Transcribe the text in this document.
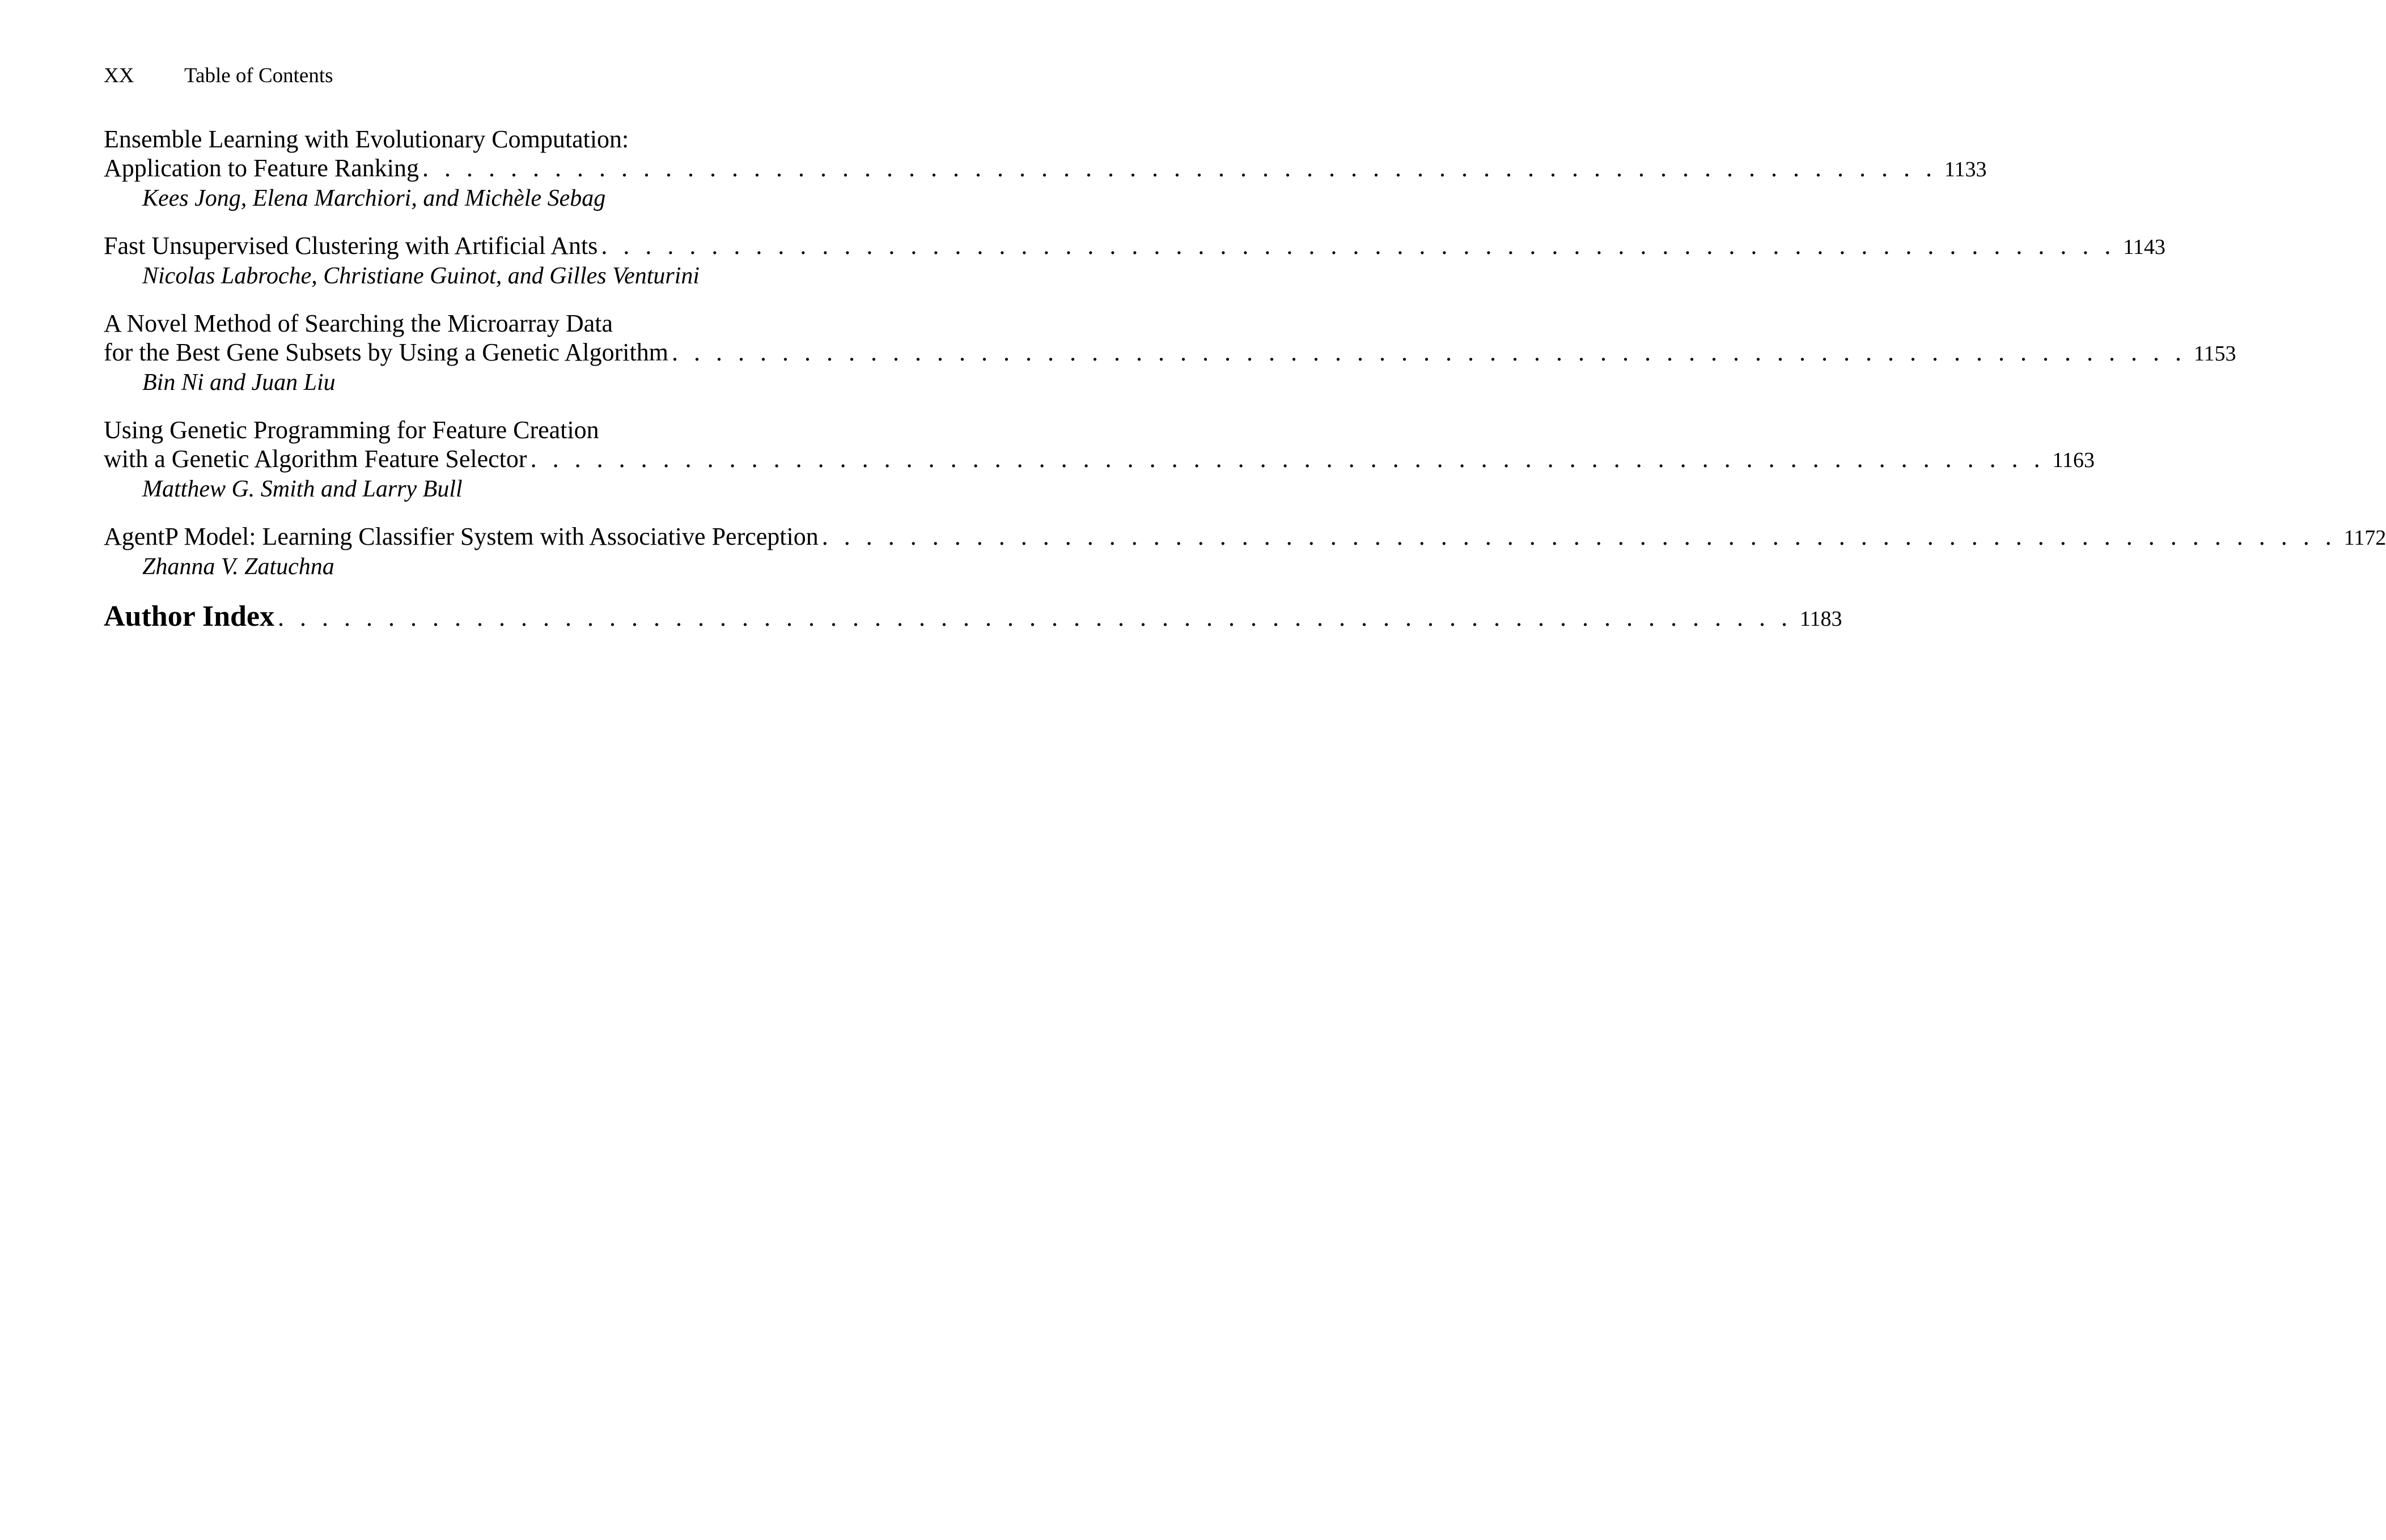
XX Table of Contents
Ensemble Learning with Evolutionary Computation:
Application to Feature Ranking . . . . . . . . . . . . . . . . . . . . . . . . . . . . . . . . . . . . . . . . . . . . . . . . . . . . . . . . . . . . . . . . . . . . . 1133
Kees Jong, Elena Marchiori, and Michèle Sebag
Fast Unsupervised Clustering with Artificial Ants . . . . . . . . . . . . . . . . . . . . . . . . . . . . . . . . . . . . . . . . . . . . . . . . . . . . . . . . . . . . . . . . . . . . . 1143
Nicolas Labroche, Christiane Guinot, and Gilles Venturini
A Novel Method of Searching the Microarray Data
for the Best Gene Subsets by Using a Genetic Algorithm . . . . . . . . . . . . . . . . . . . . . . . . . . . . . . . . . . . . . . . . . . . . . . . . . . . . . . . . . . . . . . . . . . . . . 1153
Bin Ni and Juan Liu
Using Genetic Programming for Feature Creation
with a Genetic Algorithm Feature Selector . . . . . . . . . . . . . . . . . . . . . . . . . . . . . . . . . . . . . . . . . . . . . . . . . . . . . . . . . . . . . . . . . . . . . 1163
Matthew G. Smith and Larry Bull
AgentP Model: Learning Classifier System with Associative Perception . . . . . . . . . . . . . . . . . . . . . . . . . . . . . . . . . . . . . . . . . . . . . . . . . . . . . . . . . . . . . . . . . . . . . 1172
Zhanna V. Zatuchna
Author Index . . . . . . . . . . . . . . . . . . . . . . . . . . . . . . . . . . . . . . . . . . . . . . . . . . . . . . . . . . . . . . . . . . . . . 1183
